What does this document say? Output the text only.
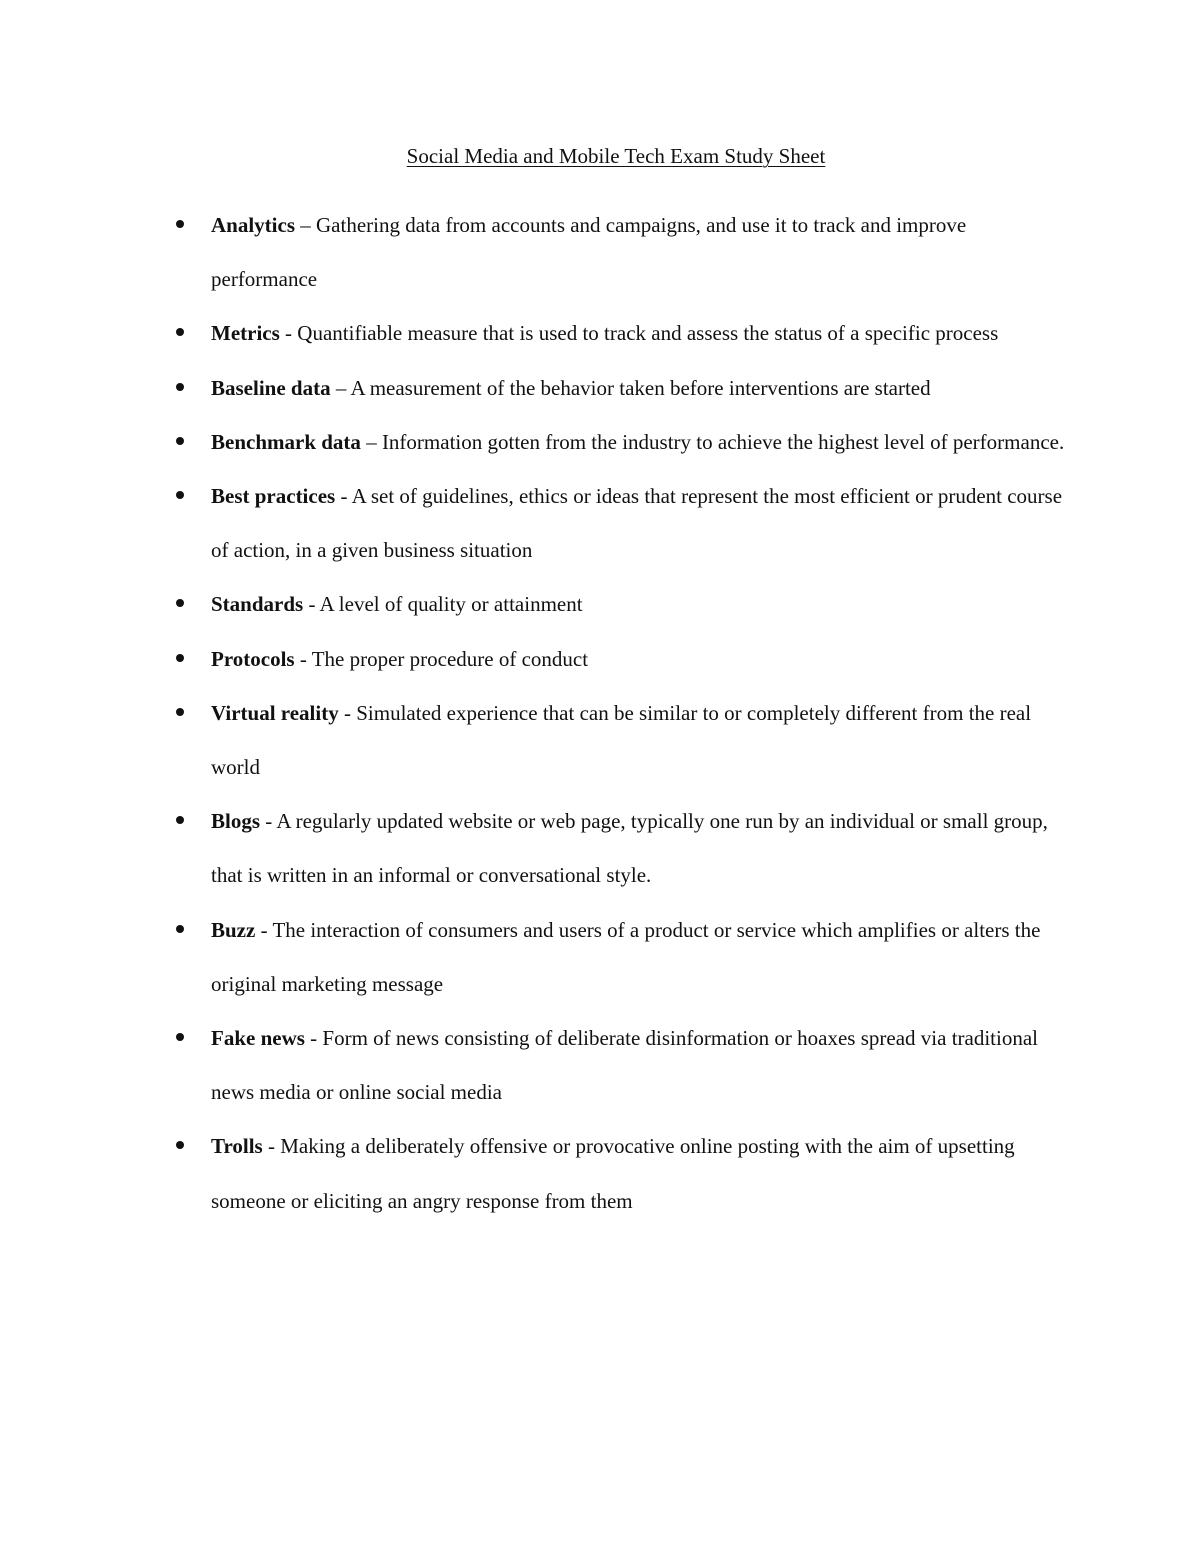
Social Media and Mobile Tech Exam Study Sheet
Analytics – Gathering data from accounts and campaigns, and use it to track and improve performance
Metrics - Quantifiable measure that is used to track and assess the status of a specific process
Baseline data – A measurement of the behavior taken before interventions are started
Benchmark data – Information gotten from the industry to achieve the highest level of performance.
Best practices - A set of guidelines, ethics or ideas that represent the most efficient or prudent course of action, in a given business situation
Standards - A level of quality or attainment
Protocols - The proper procedure of conduct
Virtual reality - Simulated experience that can be similar to or completely different from the real world
Blogs - A regularly updated website or web page, typically one run by an individual or small group, that is written in an informal or conversational style.
Buzz - The interaction of consumers and users of a product or service which amplifies or alters the original marketing message
Fake news - Form of news consisting of deliberate disinformation or hoaxes spread via traditional news media or online social media
Trolls - Making a deliberately offensive or provocative online posting with the aim of upsetting someone or eliciting an angry response from them
